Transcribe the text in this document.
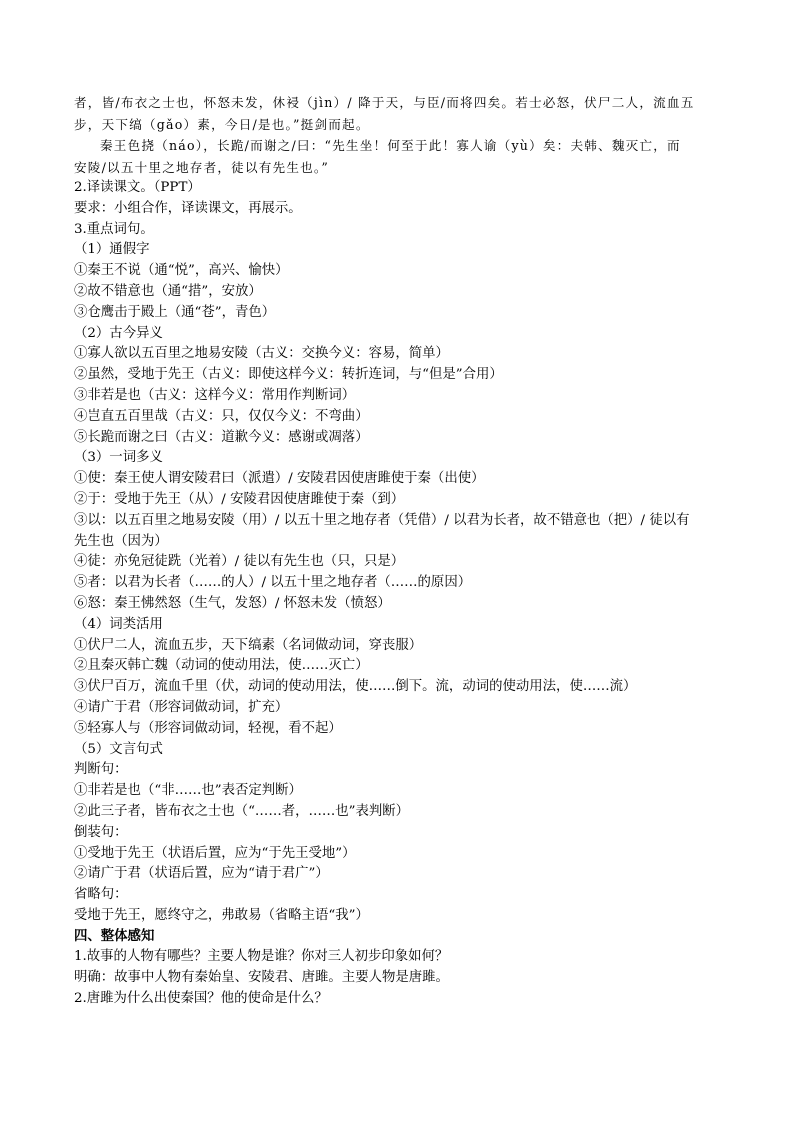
者，皆/布衣之士也，怀怒未发，休祲（jìn）/ 降于天，与臣/而将四矣。若士必怒，伏尸二人，流血五
步，天下缟（gǎo）素，今日/是也。”挺剑而起。
秦王色挠（náo），长跪/而谢之/曰：“先生坐！何至于此！寡人谕（yù）矣：夫韩、魏灭亡，而
安陵/以五十里之地存者，徒以有先生也。”
2.译读课文。（PPT）
要求：小组合作，译读课文，再展示。
3.重点词句。
（1）通假字
①秦王不说（通“悦”，高兴、愉快）
②故不错意也（通“措”，安放）
③仓鹰击于殿上（通“苍”，青色）
（2）古今异义
①寡人欲以五百里之地易安陵（古义：交换今义：容易，简单）
②虽然，受地于先王（古义：即使这样今义：转折连词，与“但是”合用）
③非若是也（古义：这样今义：常用作判断词）
④岂直五百里哉（古义：只，仅仅今义：不弯曲）
⑤长跪而谢之曰（古义：道歉今义：感谢或凋落）
（3）一词多义
①使：秦王使人谓安陵君曰（派遣）/ 安陵君因使唐雎使于秦（出使）
②于：受地于先王（从）/ 安陵君因使唐雎使于秦（到）
③以：以五百里之地易安陵（用）/ 以五十里之地存者（凭借）/ 以君为长者，故不错意也（把）/ 徒以有
先生也（因为）
④徒：亦免冠徒跣（光着）/ 徒以有先生也（只，只是）
⑤者：以君为长者（……的人）/ 以五十里之地存者（……的原因）
⑥怒：秦王怫然怒（生气，发怒）/ 怀怒未发（愤怒）
（4）词类活用
①伏尸二人，流血五步，天下缟素（名词做动词，穿丧服）
②且秦灭韩亡魏（动词的使动用法，使……灭亡）
③伏尸百万，流血千里（伏，动词的使动用法，使……倒下。流，动词的使动用法，使……流）
④请广于君（形容词做动词，扩充）
⑤轻寡人与（形容词做动词，轻视，看不起）
（5）文言句式
判断句：
①非若是也（“非……也”表否定判断）
②此三子者，皆布衣之士也（“……者，……也”表判断）
倒装句：
①受地于先王（状语后置，应为“于先王受地”）
②请广于君（状语后置，应为“请于君广”）
省略句：
受地于先王，愿终守之，弗敢易（省略主语“我”）
四、整体感知
1.故事的人物有哪些？主要人物是谁？你对三人初步印象如何？
明确：故事中人物有秦始皇、安陵君、唐雎。主要人物是唐雎。
2.唐雎为什么出使秦国？他的使命是什么？
